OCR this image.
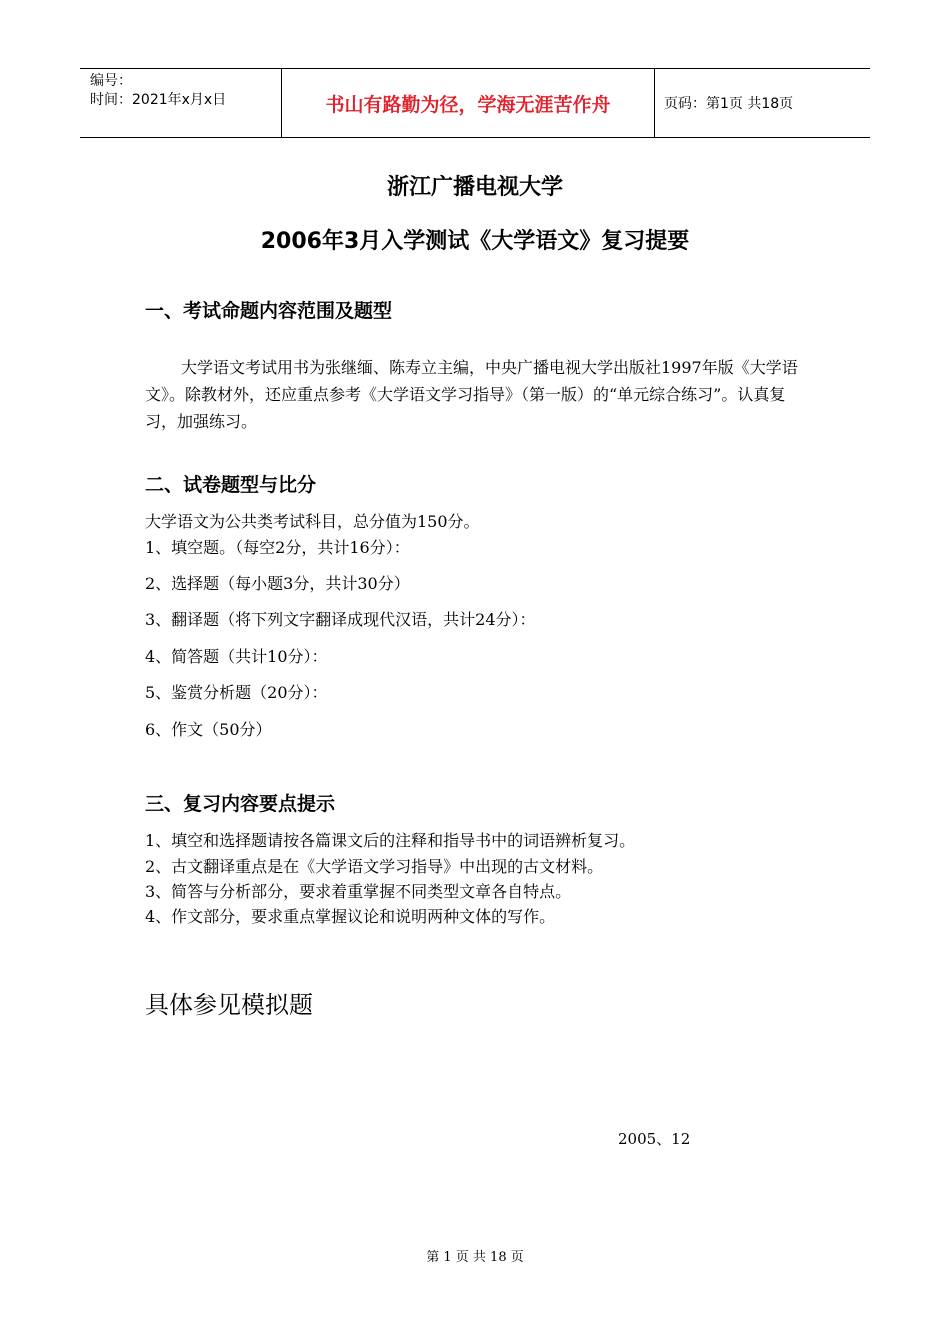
编号：
时间：2021年x月x日	书山有路勤为径，学海无涯苦作舟	页码：第1页 共18页
浙江广播电视大学
2006年3月入学测试《大学语文》复习提要
一、考试命题内容范围及题型
大学语文考试用书为张继缅、陈寿立主编，中央广播电视大学出版社1997年版《大学语文》。除教材外，还应重点参考《大学语文学习指导》（第一版）的“单元综合练习”。认真复习，加强练习。
二、试卷题型与比分
大学语文为公共类考试科目，总分值为150分。
1、填空题。（每空2分，共计16分）：
2、选择题（每小题3分，共计30分）
3、翻译题（将下列文字翻译成现代汉语，共计24分）：
4、简答题（共计10分）：
5、鉴赏分析题（20分）：
6、作文（50分）
三、复习内容要点提示
1、填空和选择题请按各篇课文后的注释和指导书中的词语辨析复习。
2、古文翻译重点是在《大学语文学习指导》中出现的古文材料。
3、简答与分析部分，要求着重掌握不同类型文章各自特点。
4、作文部分，要求重点掌握议论和说明两种文体的写作。
具体参见模拟题
2005、12
第 1 页 共 18 页
